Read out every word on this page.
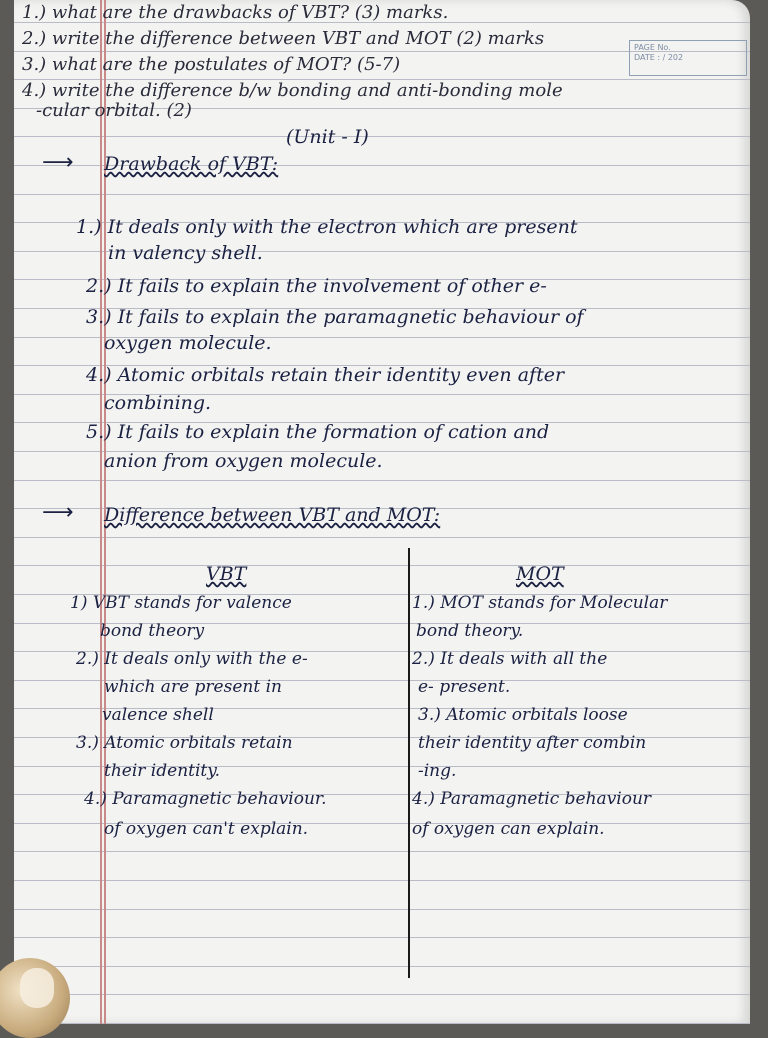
PAGE No.
DATE : / 202
1.) what are the drawbacks of VBT? (3) marks.
2.) write the difference between VBT and MOT (2) marks
3.) what are the postulates of MOT? (5-7)
4.) write the difference b/w bonding and anti-bonding mole
-cular orbital. (2)
(Unit - I)
⟶ Drawback of VBT:
1.) It deals only with the electron which are present
in valency shell.
2.) It fails to explain the involvement of other e-
3.) It fails to explain the paramagnetic behaviour of
oxygen molecule.
4.) Atomic orbitals retain their identity even after
combining.
5.) It fails to explain the formation of cation and
anion from oxygen molecule.
⟶ Difference between VBT and MOT:
VBT
1) VBT stands for valence
bond theory
2.) It deals only with the e-
which are present in
valence shell
3.) Atomic orbitals retain
their identity.
4.) Paramagnetic behaviour.
of oxygen can't explain.
MOT
1.) MOT stands for Molecular
bond theory.
2.) It deals with all the
e- present.
3.) Atomic orbitals loose
their identity after combin
-ing.
4.) Paramagnetic behaviour
of oxygen can explain.
